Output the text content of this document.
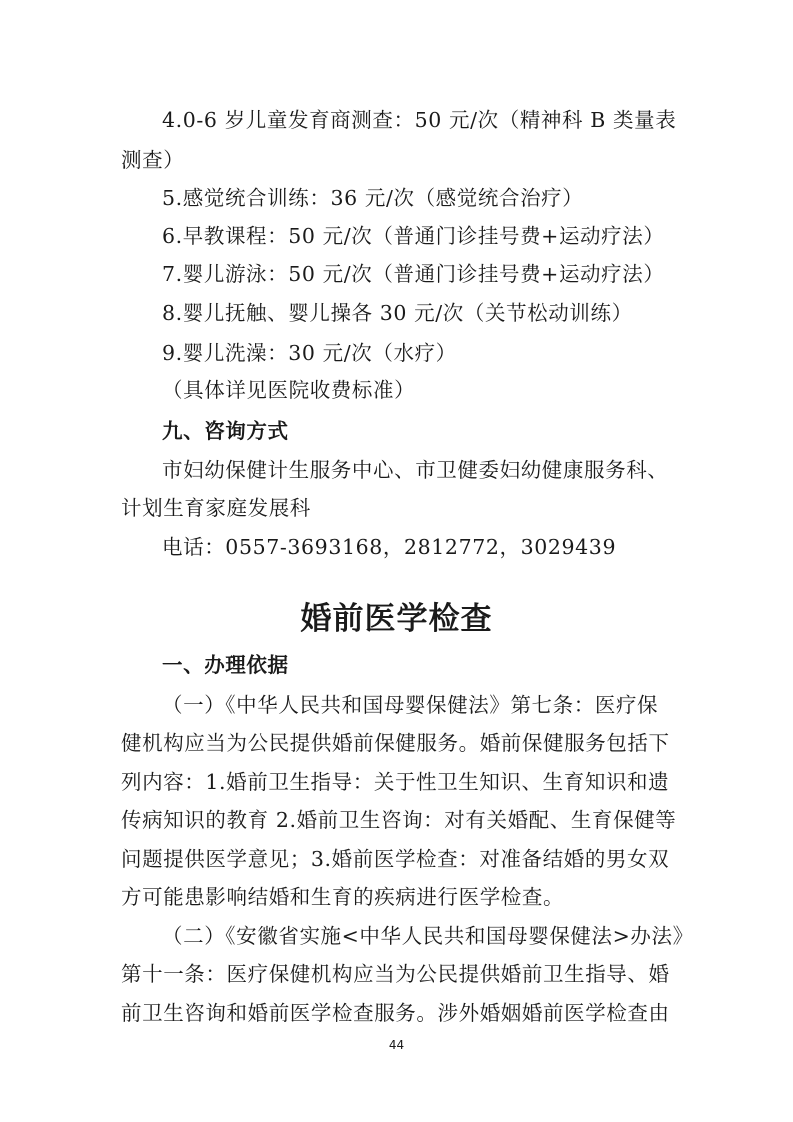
4.0-6 岁儿童发育商测查：50 元/次（精神科 B 类量表
测查）
5.感觉统合训练：36 元/次（感觉统合治疗）
6.早教课程：50 元/次（普通门诊挂号费+运动疗法）
7.婴儿游泳：50 元/次（普通门诊挂号费+运动疗法）
8.婴儿抚触、婴儿操各 30 元/次（关节松动训练）
9.婴儿洗澡：30 元/次（水疗）
（具体详见医院收费标准）
九、咨询方式
市妇幼保健计生服务中心、市卫健委妇幼健康服务科、
计划生育家庭发展科
电话：0557-3693168，2812772，3029439
婚前医学检查
一、办理依据
（一）《中华人民共和国母婴保健法》第七条：医疗保
健机构应当为公民提供婚前保健服务。婚前保健服务包括下
列内容：1.婚前卫生指导：关于性卫生知识、生育知识和遗
传病知识的教育 2.婚前卫生咨询：对有关婚配、生育保健等
问题提供医学意见；3.婚前医学检查：对准备结婚的男女双
方可能患影响结婚和生育的疾病进行医学检查。
（二）《安徽省实施<中华人民共和国母婴保健法>办法》
第十一条：医疗保健机构应当为公民提供婚前卫生指导、婚
前卫生咨询和婚前医学检查服务。涉外婚姻婚前医学检查由
44
